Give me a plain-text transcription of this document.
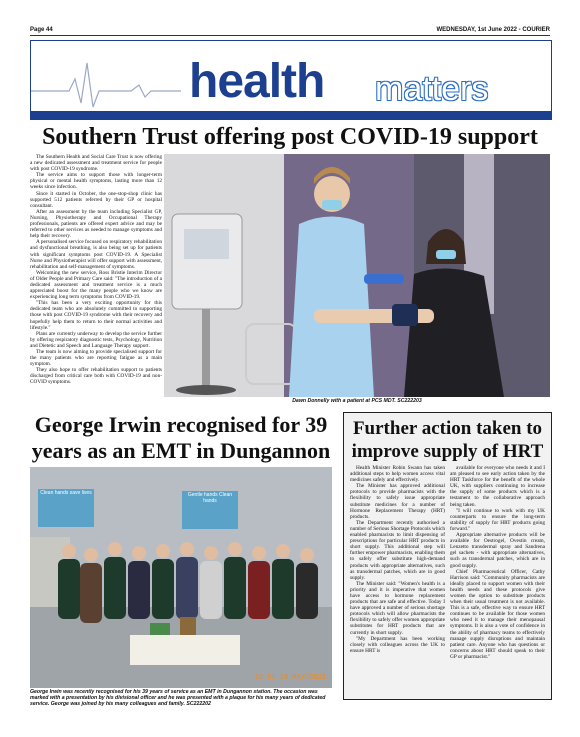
Page 44	WEDNESDAY, 1st June 2022 - COURIER
health matters
Southern Trust offering post COVID-19 support

The Southern Health and Social Care Trust is now offering a new dedicated assessment and treatment service for people with post COVID-19 syndrome.

The service aims to support those with longer-term physical or mental health symptoms, lasting more than 12 weeks since infection.

Since it started in October, the one-stop-shop clinic has supported 512 patients referred by their GP or hospital consultant.

After an assessment by the team including Specialist GP, Nursing, Physiotherapy and Occupational Therapy professionals, patients are offered expert advice and may be referred to other services as needed to manage symptoms and help their recovery.

A personalised service focused on respiratory rehabilitation and dysfunctional breathing, is also being set up for patients with significant symptoms post COVID-19. A Specialist Nurse and Physiotherapist will offer support with assessment, rehabilitation and self-management of symptoms.

Welcoming the new service, Ross Bristie Interim Director of Older People and Primary Care said: "The introduction of a dedicated assessment and treatment service is a much appreciated boost for the many people who we know are experiencing long term symptoms from COVID-19.

"This has been a very exciting opportunity for this dedicated team who are absolutely committed to supporting those with post COVID-19 syndrome with their recovery and hopefully help them to return to their normal activities and lifestyle."

Plans are currently underway to develop the service further by offering respiratory diagnostic tests, Psychology, Nutrition and Dietetic and Speech and Language Therapy support.

The team is now aiming to provide specialised support for the many patients who are reporting fatigue as a main symptom.

They also hope to offer rehabilitation support to patients discharged from critical care both with COVID-19 and non-COVID symptoms.

Dawn Donnelly with a patient at PCS MDT. SC222203
George Irwin recognised for 39 years as an EMT in Dungannon
Clean hands save lives	Gentle hands Clean hands
15 51 18 MAY/2022
George Irwin was recently recognised for his 39 years of service as an EMT in Dungannon station. The occasion was marked with a presentation by his divisional officer and he was presented with a plaque for his many years of dedicated service. George was joined by his many colleagues and family. SC222202
Further action taken to improve supply of HRT

Health Minister Robin Swann has taken additional steps to help women access vital medicines safely and effectively.

The Minister has approved additional protocols to provide pharmacists with the flexibility to safely issue appropriate substitute medicines for a number of Hormone Replacement Therapy (HRT) products.

The Department recently authorised a number of Serious Shortage Protocols which enabled pharmacists to limit dispensing of prescriptions for particular HRT products in short supply. This additional step will further empower pharmacists, enabling them to safely offer substitute high-demand products with appropriate alternatives, such as transdermal patches, which are in good supply.

The Minister said: "Women's health is a priority and it is imperative that women have access to hormone replacement products that are safe and effective. Today I have approved a number of serious shortage protocols which will allow pharmacists the flexibility to safely offer women appropriate substitutes for HRT products that are currently in short supply.

"My Department has been working closely with colleagues across the UK to ensure HRT is

available for everyone who needs it and I am pleased to see early action taken by the HRT Taskforce for the benefit of the whole UK, with suppliers continuing to increase the supply of some products which is a testament to the collaborative approach being taken.

"I will continue to work with my UK counterparts to ensure the long-term stability of supply for HRT products going forward."

Appropriate alternative products will be available for Oestrogel, Ovestin cream, Lenzetto transdermal spray and Sandrena gel sachets - with appropriate alternatives, such as transdermal patches, which are in good supply.

Chief Pharmaceutical Officer, Cathy Harrison said: "Community pharmacists are ideally placed to support women with their health needs and these protocols give women the option to substitute products when their usual treatment is not available. This is a safe, effective way to ensure HRT continues to be available for those women who need it to manage their menopausal symptoms. It is also a vote of confidence in the ability of pharmacy teams to effectively manage supply disruptions and maintain patient care. Anyone who has questions or concerns about HRT should speak to their GP or pharmacist."
